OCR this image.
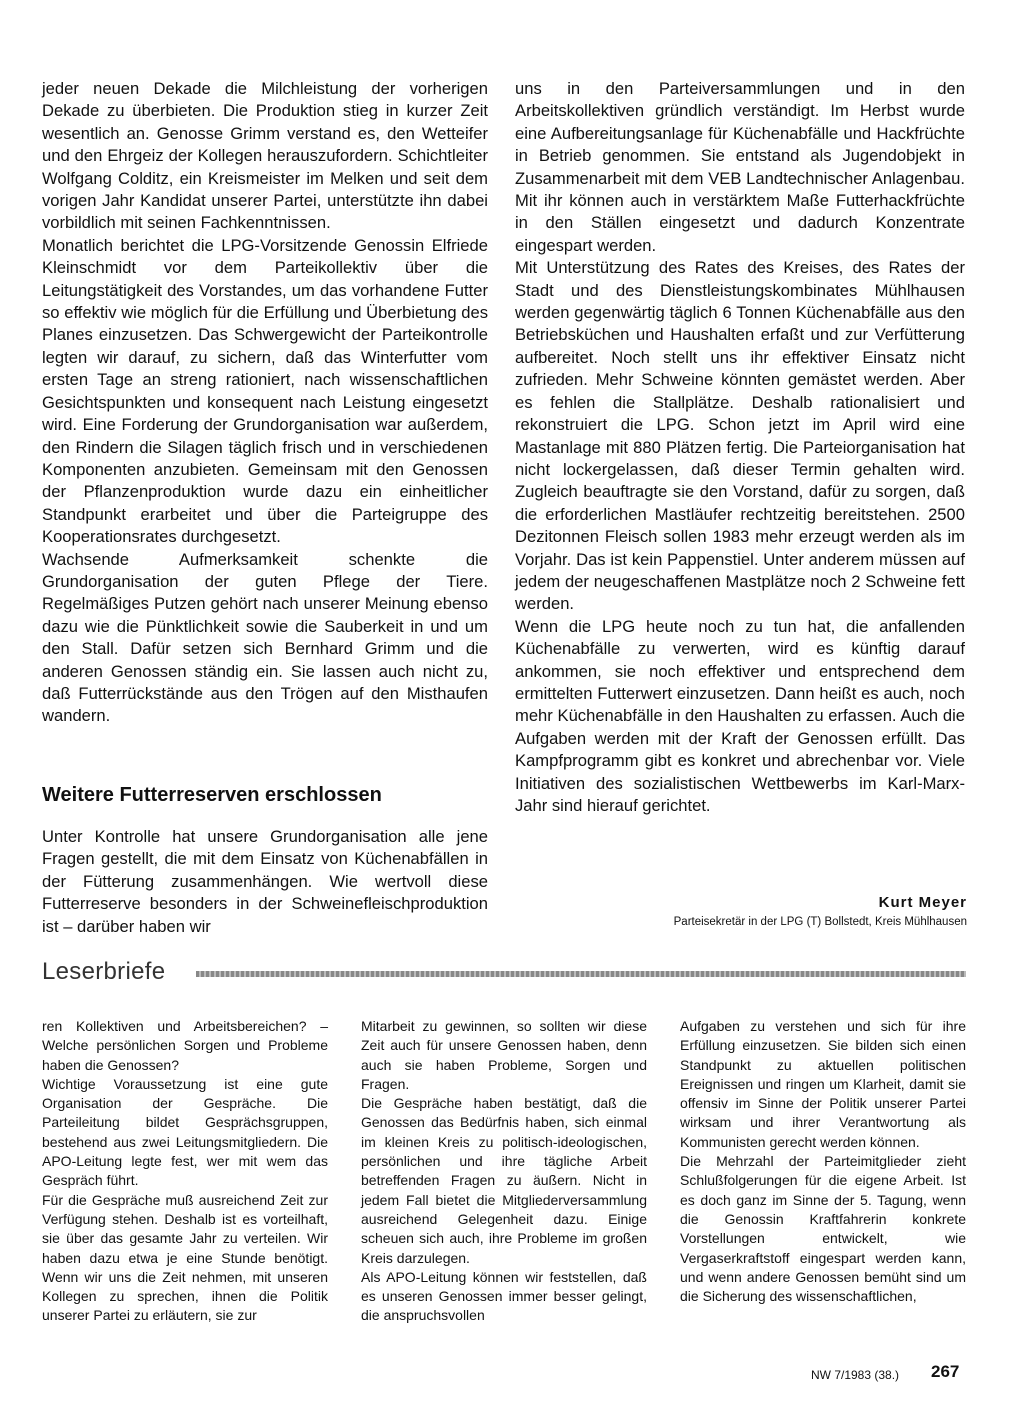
jeder neuen Dekade die Milchleistung der vorherigen Dekade zu überbieten. Die Produktion stieg in kurzer Zeit wesentlich an. Genosse Grimm verstand es, den Wetteifer und den Ehrgeiz der Kollegen herauszufordern. Schichtleiter Wolfgang Colditz, ein Kreismeister im Melken und seit dem vorigen Jahr Kandidat unserer Partei, unterstützte ihn dabei vorbildlich mit seinen Fachkenntnissen.

Monatlich berichtet die LPG-Vorsitzende Genossin Elfriede Kleinschmidt vor dem Parteikollektiv über die Leitungstätigkeit des Vorstandes, um das vorhandene Futter so effektiv wie möglich für die Erfüllung und Überbietung des Planes einzusetzen. Das Schwergewicht der Parteikontrolle legten wir darauf, zu sichern, daß das Winterfutter vom ersten Tage an streng rationiert, nach wissenschaftlichen Gesichtspunkten und konsequent nach Leistung eingesetzt wird. Eine Forderung der Grundorganisation war außerdem, den Rindern die Silagen täglich frisch und in verschiedenen Komponenten anzubieten. Gemeinsam mit den Genossen der Pflanzenproduktion wurde dazu ein einheitlicher Standpunkt erarbeitet und über die Parteigruppe des Kooperationsrates durchgesetzt.

Wachsende Aufmerksamkeit schenkte die Grundorganisation der guten Pflege der Tiere. Regelmäßiges Putzen gehört nach unserer Meinung ebenso dazu wie die Pünktlichkeit sowie die Sauberkeit in und um den Stall. Dafür setzen sich Bernhard Grimm und die anderen Genossen ständig ein. Sie lassen auch nicht zu, daß Futterrückstände aus den Trögen auf den Misthaufen wandern.

Weitere Futterreserven erschlossen

Unter Kontrolle hat unsere Grundorganisation alle jene Fragen gestellt, die mit dem Einsatz von Küchenabfällen in der Fütterung zusammenhängen. Wie wertvoll diese Futterreserve besonders in der Schweinefleischproduktion ist – darüber haben wir

uns in den Parteiversammlungen und in den Arbeitskollektiven gründlich verständigt. Im Herbst wurde eine Aufbereitungsanlage für Küchenabfälle und Hackfrüchte in Betrieb genommen. Sie entstand als Jugendobjekt in Zusammenarbeit mit dem VEB Landtechnischer Anlagenbau. Mit ihr können auch in verstärktem Maße Futterhackfrüchte in den Ställen eingesetzt und dadurch Konzentrate eingespart werden.

Mit Unterstützung des Rates des Kreises, des Rates der Stadt und des Dienstleistungskombinates Mühlhausen werden gegenwärtig täglich 6 Tonnen Küchenabfälle aus den Betriebsküchen und Haushalten erfaßt und zur Verfütterung aufbereitet. Noch stellt uns ihr effektiver Einsatz nicht zufrieden. Mehr Schweine könnten gemästet werden. Aber es fehlen die Stallplätze. Deshalb rationalisiert und rekonstruiert die LPG. Schon jetzt im April wird eine Mastanlage mit 880 Plätzen fertig. Die Parteiorganisation hat nicht lockergelassen, daß dieser Termin gehalten wird. Zugleich beauftragte sie den Vorstand, dafür zu sorgen, daß die erforderlichen Mastläufer rechtzeitig bereitstehen. 2500 Dezitonnen Fleisch sollen 1983 mehr erzeugt werden als im Vorjahr. Das ist kein Pappenstiel. Unter anderem müssen auf jedem der neugeschaffenen Mastplätze noch 2 Schweine fett werden.

Wenn die LPG heute noch zu tun hat, die anfallenden Küchenabfälle zu verwerten, wird es künftig darauf ankommen, sie noch effektiver und entsprechend dem ermittelten Futterwert einzusetzen. Dann heißt es auch, noch mehr Küchenabfälle in den Haushalten zu erfassen. Auch die Aufgaben werden mit der Kraft der Genossen erfüllt. Das Kampfprogramm gibt es konkret und abrechenbar vor. Viele Initiativen des sozialistischen Wettbewerbs im Karl-Marx-Jahr sind hierauf gerichtet.

Kurt Meyer
Parteisekretär in der LPG (T) Bollstedt, Kreis Mühlhausen
Leserbriefe

ren Kollektiven und Arbeitsbereichen? – Welche persönlichen Sorgen und Probleme haben die Genossen?

Wichtige Voraussetzung ist eine gute Organisation der Gespräche. Die Parteileitung bildet Gesprächsgruppen, bestehend aus zwei Leitungsmitgliedern. Die APO-Leitung legte fest, wer mit wem das Gespräch führt.

Für die Gespräche muß ausreichend Zeit zur Verfügung stehen. Deshalb ist es vorteilhaft, sie über das gesamte Jahr zu verteilen. Wir haben dazu etwa je eine Stunde benötigt. Wenn wir uns die Zeit nehmen, mit unseren Kollegen zu sprechen, ihnen die Politik unserer Partei zu erläutern, sie zur

Mitarbeit zu gewinnen, so sollten wir diese Zeit auch für unsere Genossen haben, denn auch sie haben Probleme, Sorgen und Fragen.

Die Gespräche haben bestätigt, daß die Genossen das Bedürfnis haben, sich einmal im kleinen Kreis zu politisch-ideologischen, persönlichen und ihre tägliche Arbeit betreffenden Fragen zu äußern. Nicht in jedem Fall bietet die Mitgliederversammlung ausreichend Gelegenheit dazu. Einige scheuen sich auch, ihre Probleme im großen Kreis darzulegen.

Als APO-Leitung können wir feststellen, daß es unseren Genossen immer besser gelingt, die anspruchsvollen

Aufgaben zu verstehen und sich für ihre Erfüllung einzusetzen. Sie bilden sich einen Standpunkt zu aktuellen politischen Ereignissen und ringen um Klarheit, damit sie offensiv im Sinne der Politik unserer Partei wirksam und ihrer Verantwortung als Kommunisten gerecht werden können.

Die Mehrzahl der Parteimitglieder zieht Schlußfolgerungen für die eigene Arbeit. Ist es doch ganz im Sinne der 5. Tagung, wenn die Genossin Kraftfahrerin konkrete Vorstellungen entwickelt, wie Vergaserkraftstoff eingespart werden kann, und wenn andere Genossen bemüht sind um die Sicherung des wissenschaftlichen,

NW 7/1983 (38.) 267
